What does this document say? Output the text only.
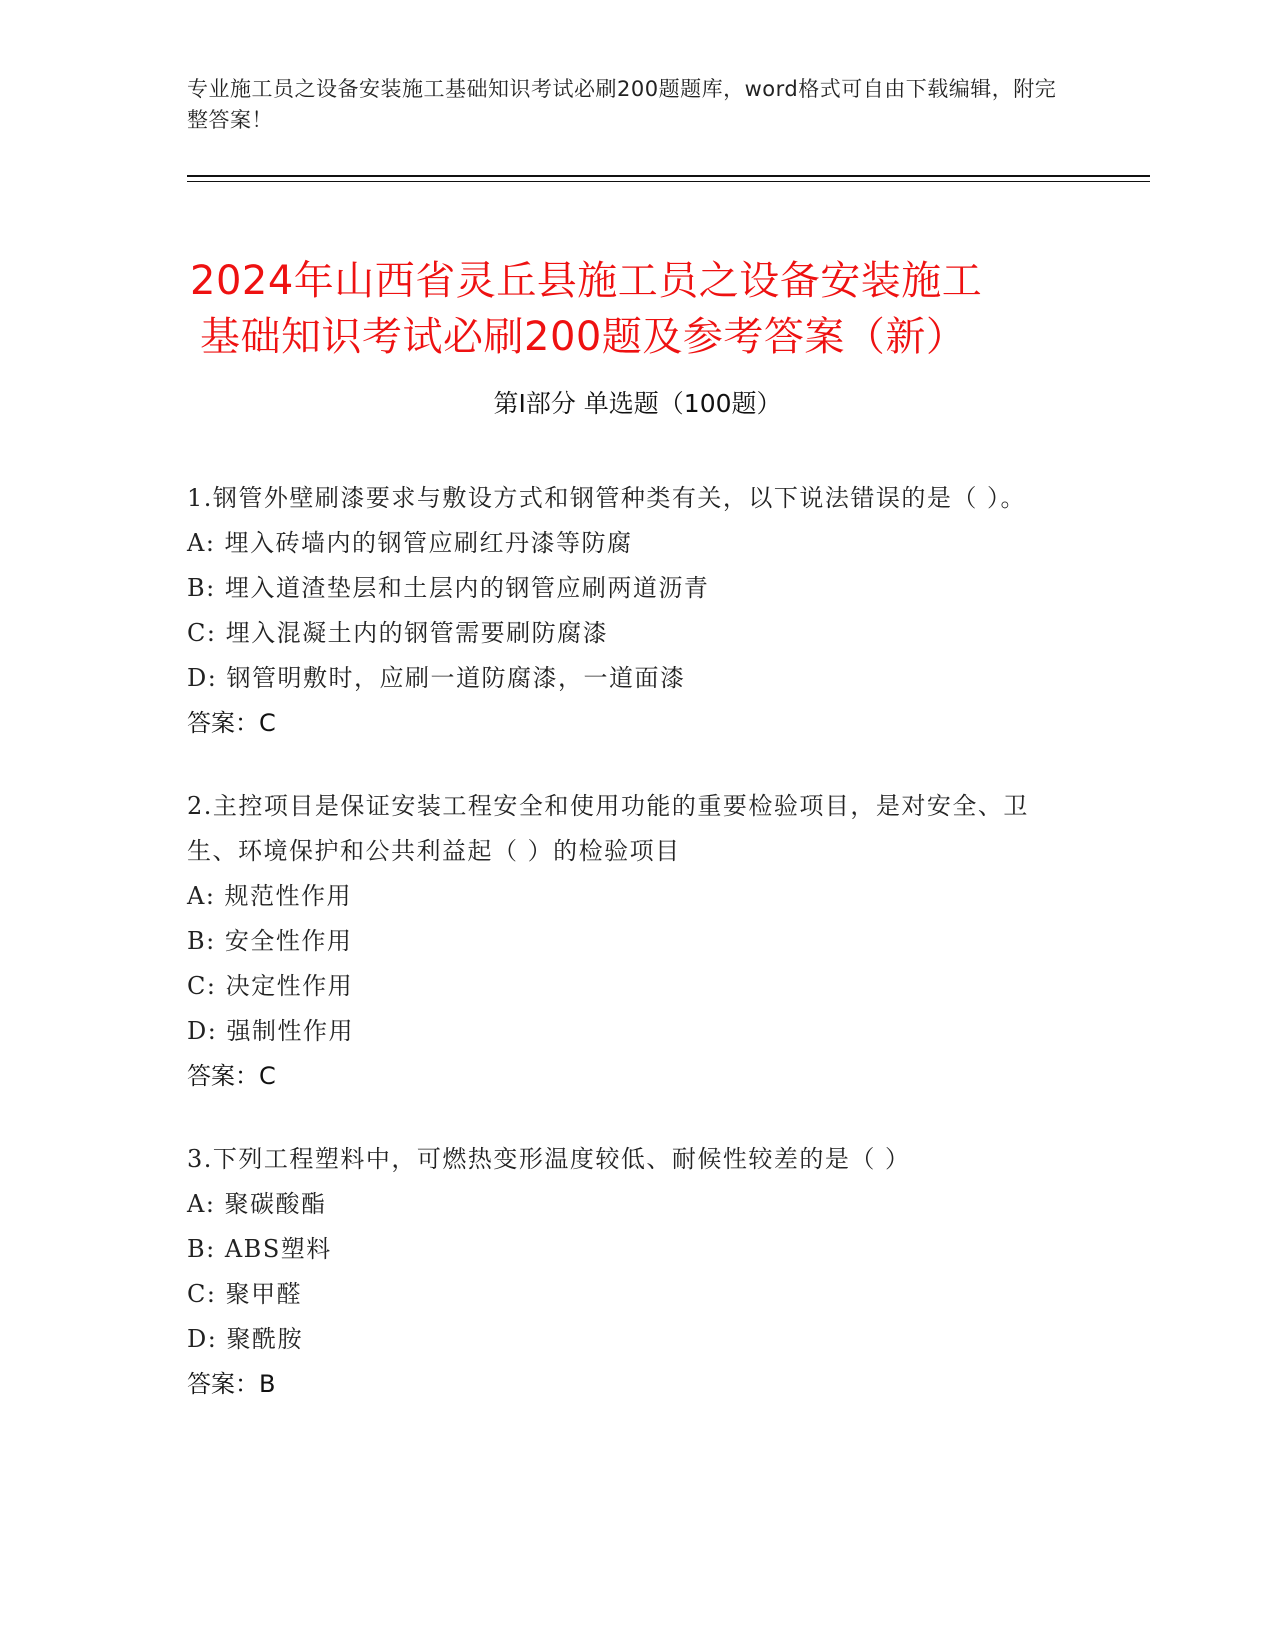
专业施工员之设备安装施工基础知识考试必刷200题题库，word格式可自由下载编辑，附完整答案！
2024年山西省灵丘县施工员之设备安装施工
基础知识考试必刷200题及参考答案（新）
第Ⅰ部分 单选题（100题）
1.钢管外壁刷漆要求与敷设方式和钢管种类有关，以下说法错误的是（ ）。
A: 埋入砖墙内的钢管应刷红丹漆等防腐
B: 埋入道渣垫层和土层内的钢管应刷两道沥青
C: 埋入混凝土内的钢管需要刷防腐漆
D: 钢管明敷时，应刷一道防腐漆，一道面漆
答案：C
2.主控项目是保证安装工程安全和使用功能的重要检验项目，是对安全、卫生、环境保护和公共利益起（ ）的检验项目
A: 规范性作用
B: 安全性作用
C: 决定性作用
D: 强制性作用
答案：C
3.下列工程塑料中，可燃热变形温度较低、耐候性较差的是（ ）
A: 聚碳酸酯
B: ABS塑料
C: 聚甲醛
D: 聚酰胺
答案：B
